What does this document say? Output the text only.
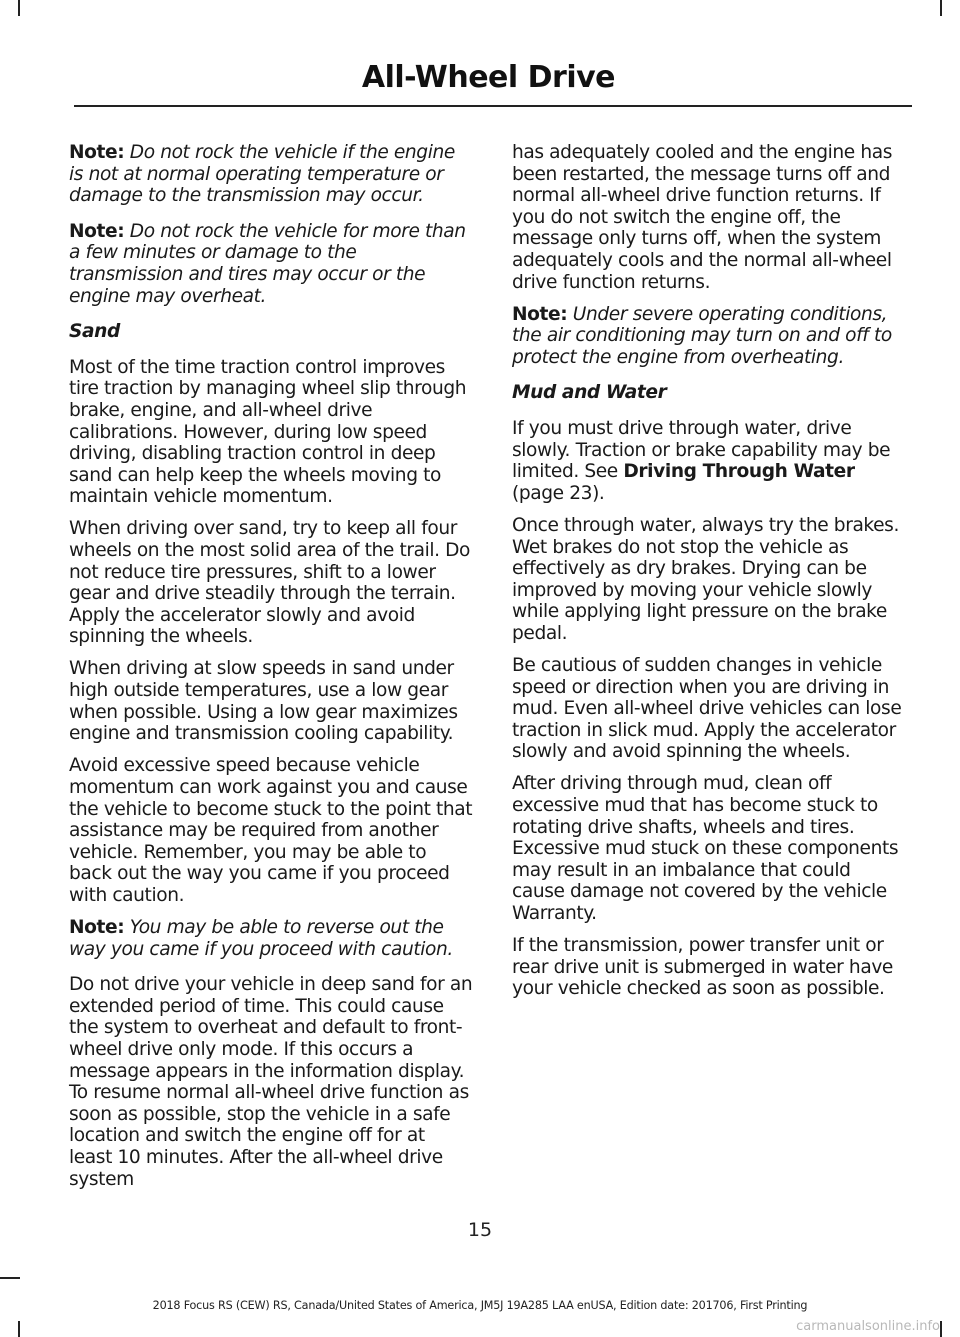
All-Wheel Drive

Note: Do not rock the vehicle if the engine is not at normal operating temperature or damage to the transmission may occur.

Note: Do not rock the vehicle for more than a few minutes or damage to the transmission and tires may occur or the engine may overheat.

Sand

Most of the time traction control improves tire traction by managing wheel slip through brake, engine, and all-wheel drive calibrations. However, during low speed driving, disabling traction control in deep sand can help keep the wheels moving to maintain vehicle momentum.

When driving over sand, try to keep all four wheels on the most solid area of the trail. Do not reduce tire pressures, shift to a lower gear and drive steadily through the terrain. Apply the accelerator slowly and avoid spinning the wheels.

When driving at slow speeds in sand under high outside temperatures, use a low gear when possible. Using a low gear maximizes engine and transmission cooling capability.

Avoid excessive speed because vehicle momentum can work against you and cause the vehicle to become stuck to the point that assistance may be required from another vehicle. Remember, you may be able to back out the way you came if you proceed with caution.

Note: You may be able to reverse out the way you came if you proceed with caution.

Do not drive your vehicle in deep sand for an extended period of time. This could cause the system to overheat and default to front-wheel drive only mode. If this occurs a message appears in the information display. To resume normal all-wheel drive function as soon as possible, stop the vehicle in a safe location and switch the engine off for at least 10 minutes. After the all-wheel drive system

has adequately cooled and the engine has been restarted, the message turns off and normal all-wheel drive function returns. If you do not switch the engine off, the message only turns off, when the system adequately cools and the normal all-wheel drive function returns.

Note: Under severe operating conditions, the air conditioning may turn on and off to protect the engine from overheating.

Mud and Water

If you must drive through water, drive slowly. Traction or brake capability may be limited. See Driving Through Water (page 23).

Once through water, always try the brakes. Wet brakes do not stop the vehicle as effectively as dry brakes. Drying can be improved by moving your vehicle slowly while applying light pressure on the brake pedal.

Be cautious of sudden changes in vehicle speed or direction when you are driving in mud. Even all-wheel drive vehicles can lose traction in slick mud. Apply the accelerator slowly and avoid spinning the wheels.

After driving through mud, clean off excessive mud that has become stuck to rotating drive shafts, wheels and tires. Excessive mud stuck on these components may result in an imbalance that could cause damage not covered by the vehicle Warranty.

If the transmission, power transfer unit or rear drive unit is submerged in water have your vehicle checked as soon as possible.

15
2018 Focus RS (CEW) RS, Canada/United States of America, JM5J 19A285 LAA enUSA, Edition date: 201706, First Printing
carmanualsonline.info
